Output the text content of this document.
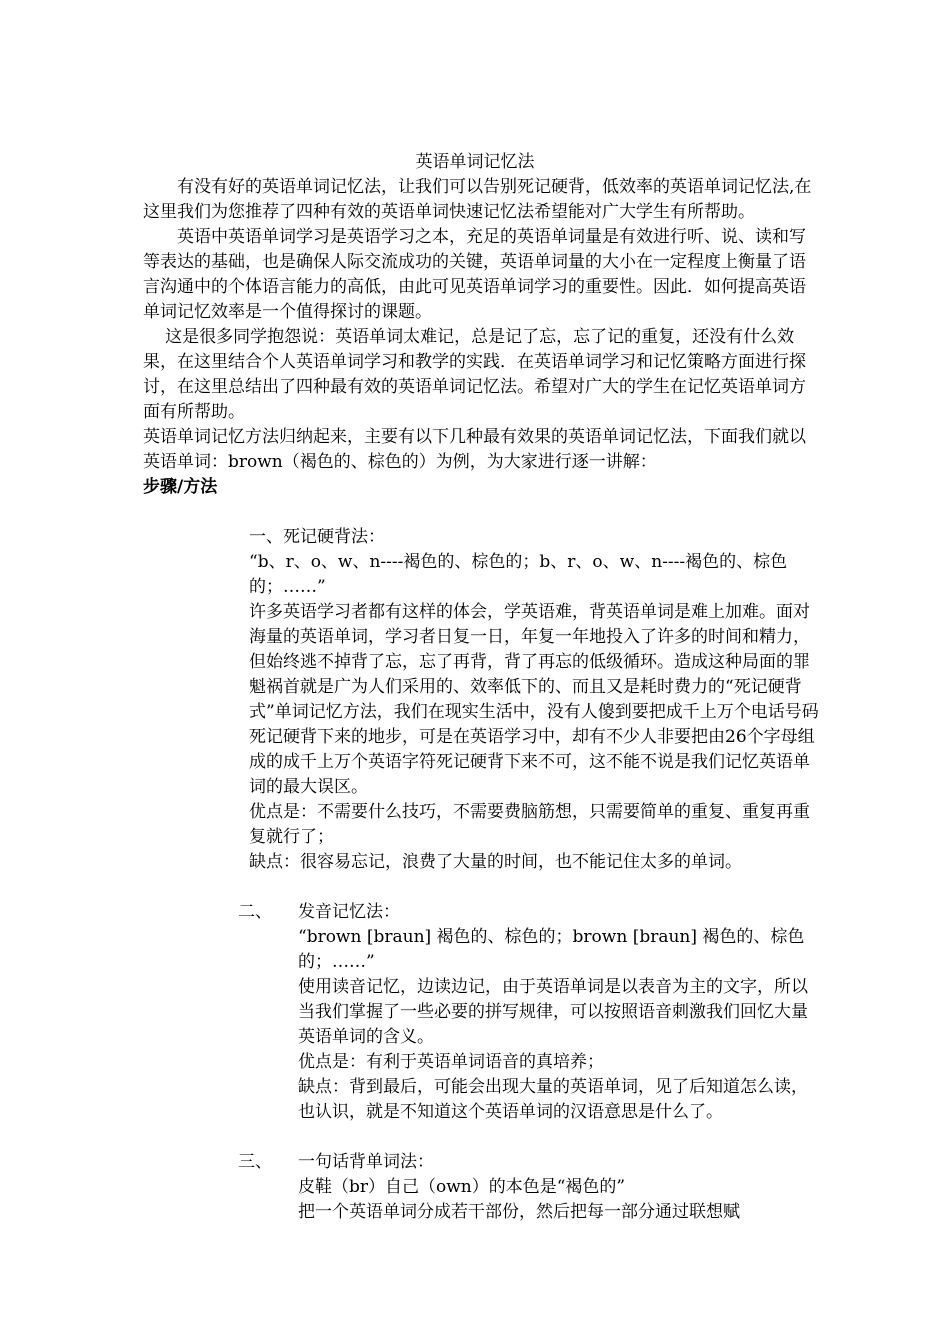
英语单词记忆法

有没有好的英语单词记忆法，让我们可以告别死记硬背，低效率的英语单词记忆法,在这里我们为您推荐了四种有效的英语单词快速记忆法希望能对广大学生有所帮助。

英语中英语单词学习是英语学习之本，充足的英语单词量是有效进行听、说、读和写等表达的基础，也是确保人际交流成功的关键，英语单词量的大小在一定程度上衡量了语言沟通中的个体语言能力的高低，由此可见英语单词学习的重要性。因此．如何提高英语单词记忆效率是一个值得探讨的课题。

这是很多同学抱怨说：英语单词太难记，总是记了忘，忘了记的重复，还没有什么效果，在这里结合个人英语单词学习和教学的实践．在英语单词学习和记忆策略方面进行探讨，在这里总结出了四种最有效的英语单词记忆法。希望对广大的学生在记忆英语单词方面有所帮助。

英语单词记忆方法归纳起来，主要有以下几种最有效果的英语单词记忆法，下面我们就以英语单词：brown（褐色的、棕色的）为例，为大家进行逐一讲解：

步骤/方法

一、死记硬背法：

“b、r、o、w、n----褐色的、棕色的；b、r、o、w、n----褐色的、棕色的；……”

许多英语学习者都有这样的体会，学英语难，背英语单词是难上加难。面对海量的英语单词，学习者日复一日，年复一年地投入了许多的时间和精力，但始终逃不掉背了忘，忘了再背，背了再忘的低级循环。造成这种局面的罪魁祸首就是广为人们采用的、效率低下的、而且又是耗时费力的“死记硬背式”单词记忆方法，我们在现实生活中，没有人傻到要把成千上万个电话号码死记硬背下来的地步，可是在英语学习中，却有不少人非要把由26个字母组成的成千上万个英语字符死记硬背下来不可，这不能不说是我们记忆英语单词的最大误区。

优点是：不需要什么技巧，不需要费脑筋想，只需要简单的重复、重复再重复就行了；

缺点：很容易忘记，浪费了大量的时间，也不能记住太多的单词。

二、 发音记忆法：

“brown [braun] 褐色的、棕色的；brown [braun] 褐色的、棕色的；……”

使用读音记忆，边读边记，由于英语单词是以表音为主的文字，所以当我们掌握了一些必要的拼写规律，可以按照语音刺激我们回忆大量英语单词的含义。

优点是：有利于英语单词语音的真培养；

缺点：背到最后，可能会出现大量的英语单词，见了后知道怎么读，也认识，就是不知道这个英语单词的汉语意思是什么了。

三、 一句话背单词法：

皮鞋（br）自己（own）的本色是“褐色的”

把一个英语单词分成若干部份，然后把每一部分通过联想赋
